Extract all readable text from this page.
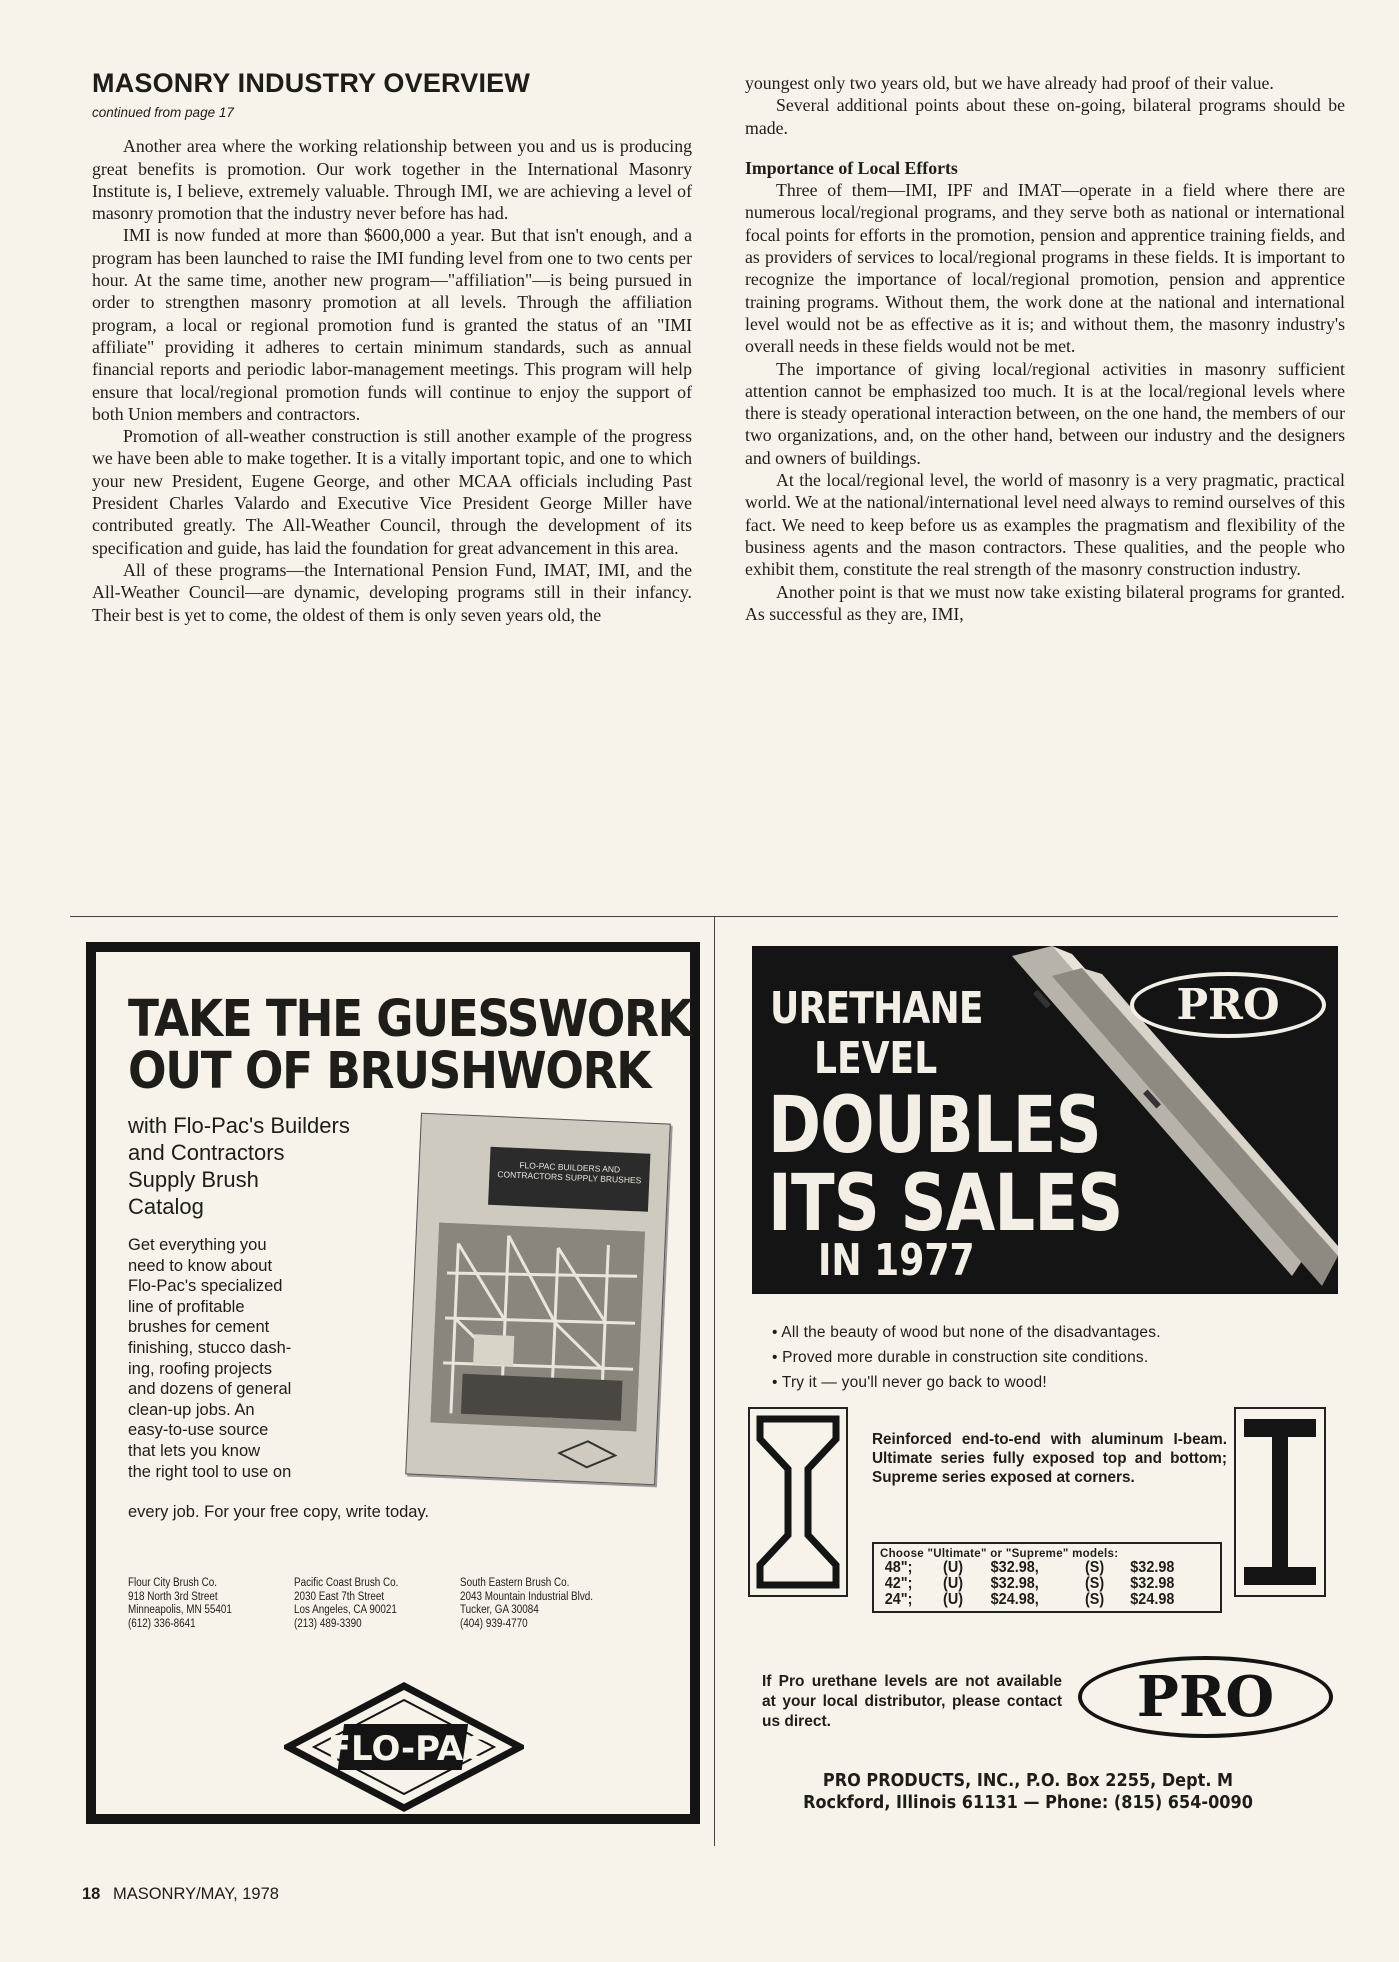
MASONRY INDUSTRY OVERVIEW
continued from page 17

Another area where the working relationship between you and us is producing great benefits is promotion. Our work together in the International Masonry Institute is, I believe, extremely valuable. Through IMI, we are achieving a level of masonry promotion that the industry never before has had.

IMI is now funded at more than $600,000 a year. But that isn't enough, and a program has been launched to raise the IMI funding level from one to two cents per hour. At the same time, another new program—"affiliation"—is being pursued in order to strengthen masonry promotion at all levels. Through the affiliation program, a local or regional promotion fund is granted the status of an "IMI affiliate" providing it adheres to certain minimum standards, such as annual financial reports and periodic labor-management meetings. This program will help ensure that local/regional promotion funds will continue to enjoy the support of both Union members and contractors.

Promotion of all-weather construction is still another example of the progress we have been able to make together. It is a vitally important topic, and one to which your new President, Eugene George, and other MCAA officials including Past President Charles Valardo and Executive Vice President George Miller have contributed greatly. The All-Weather Council, through the development of its specification and guide, has laid the foundation for great advancement in this area.

All of these programs—the International Pension Fund, IMAT, IMI, and the All-Weather Council—are dynamic, developing programs still in their infancy. Their best is yet to come, the oldest of them is only seven years old, the

youngest only two years old, but we have already had proof of their value.

Several additional points about these on-going, bilateral programs should be made.

Importance of Local Efforts

Three of them—IMI, IPF and IMAT—operate in a field where there are numerous local/regional programs, and they serve both as national or international focal points for efforts in the promotion, pension and apprentice training fields, and as providers of services to local/regional programs in these fields. It is important to recognize the importance of local/regional promotion, pension and apprentice training programs. Without them, the work done at the national and international level would not be as effective as it is; and without them, the masonry industry's overall needs in these fields would not be met.

The importance of giving local/regional activities in masonry sufficient attention cannot be emphasized too much. It is at the local/regional levels where there is steady operational interaction between, on the one hand, the members of our two organizations, and, on the other hand, between our industry and the designers and owners of buildings.

At the local/regional level, the world of masonry is a very pragmatic, practical world. We at the national/international level need always to remind ourselves of this fact. We need to keep before us as examples the pragmatism and flexibility of the business agents and the mason contractors. These qualities, and the people who exhibit them, constitute the real strength of the masonry construction industry.

Another point is that we must now take existing bilateral programs for granted. As successful as they are, IMI,

TAKE THE GUESSWORK
OUT OF BRUSHWORK
with Flo-Pac's Builders
and Contractors
Supply Brush
Catalog
FLO-PAC BUILDERS AND CONTRACTORS SUPPLY BRUSHES
Get everything you
need to know about
Flo-Pac's specialized
line of profitable
brushes for cement
finishing, stucco dash-
ing, roofing projects
and dozens of general
clean-up jobs. An
easy-to-use source
that lets you know
the right tool to use on
every job. For your free copy, write today.
Flour City Brush Co.
918 North 3rd Street
Minneapolis, MN 55401
(612) 336-8641
Pacific Coast Brush Co.
2030 East 7th Street
Los Angeles, CA 90021
(213) 489-3390
South Eastern Brush Co.
2043 Mountain Industrial Blvd.
Tucker, GA 30084
(404) 939-4770
FLO-PAC
URETHANE
LEVEL
DOUBLES
ITS SALES
IN 1977
PRO
• All the beauty of wood but none of the disadvantages.
• Proved more durable in construction site conditions.
• Try it — you'll never go back to wood!
Reinforced end-to-end with aluminum I-beam. Ultimate series fully exposed top and bottom; Supreme series exposed at corners.
Choose "Ultimate" or "Supreme" models:
48";	(U)	$32.98,	(S)	$32.98
42";	(U)	$32.98,	(S)	$32.98
24";	(U)	$24.98,	(S)	$24.98
If Pro urethane levels are not available at your local distributor, please contact us direct.	PRO
PRO PRODUCTS, INC., P.O. Box 2255, Dept. M
Rockford, Illinois 61131 — Phone: (815) 654-0090
18 MASONRY/MAY, 1978
